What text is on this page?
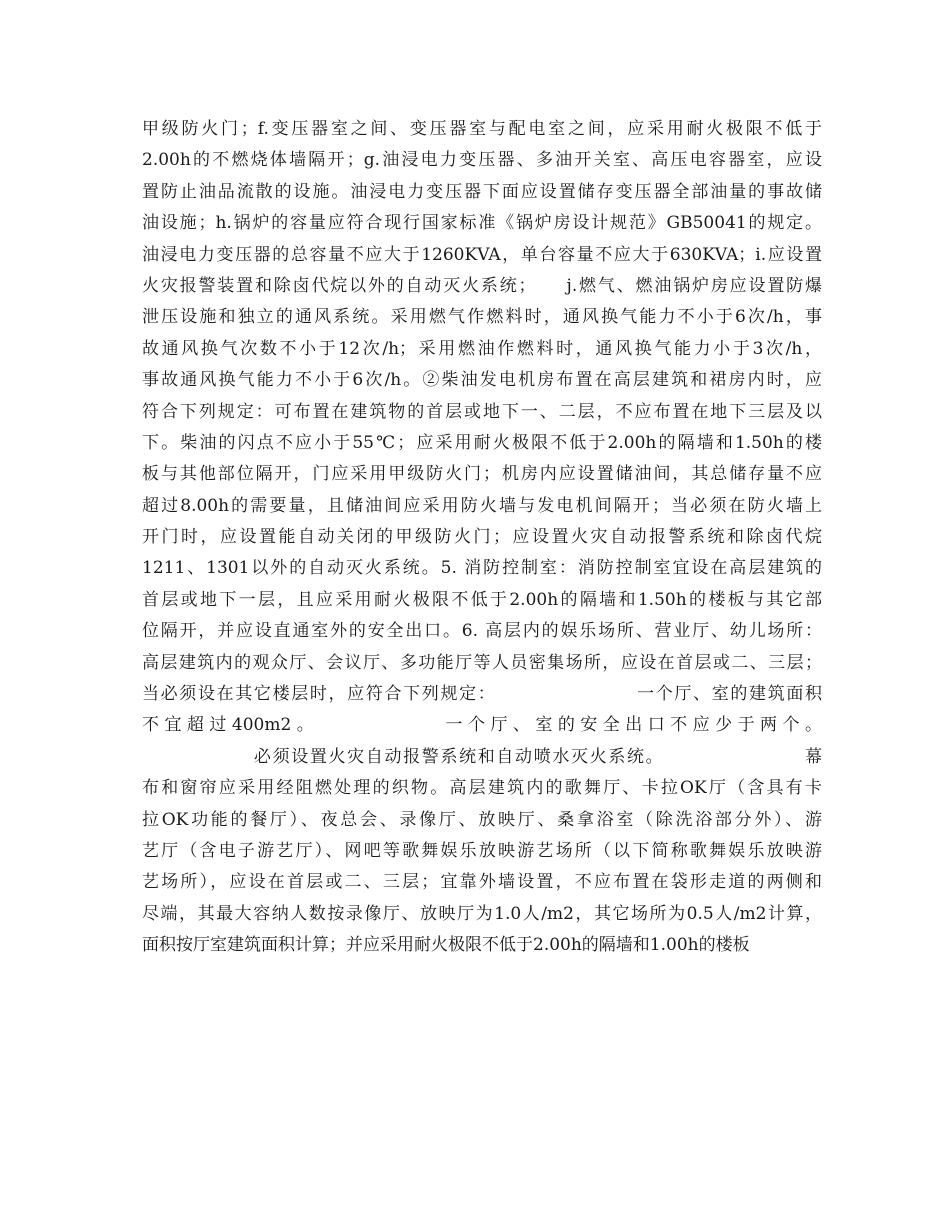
甲级防火门；f.变压器室之间、变压器室与配电室之间，应采用耐火极限不低于
2.00h的不燃烧体墙隔开；g.油浸电力变压器、多油开关室、高压电容器室，应设
置防止油品流散的设施。油浸电力变压器下面应设置储存变压器全部油量的事故储
油设施；h.锅炉的容量应符合现行国家标准《锅炉房设计规范》GB50041的规定。
油浸电力变压器的总容量不应大于1260KVA，单台容量不应大于630KVA；i.应设置
火灾报警装置和除卤代烷以外的自动灭火系统；　　j.燃气、燃油锅炉房应设置防爆
泄压设施和独立的通风系统。采用燃气作燃料时，通风换气能力不小于6次/h，事
故通风换气次数不小于12次/h；采用燃油作燃料时，通风换气能力小于3次/h，
事故通风换气能力不小于6次/h。②柴油发电机房布置在高层建筑和裙房内时，应
符合下列规定：可布置在建筑物的首层或地下一、二层，不应布置在地下三层及以
下。柴油的闪点不应小于55℃；应采用耐火极限不低于2.00h的隔墙和1.50h的楼
板与其他部位隔开，门应采用甲级防火门；机房内应设置储油间，其总储存量不应
超过8.00h的需要量，且储油间应采用防火墙与发电机间隔开；当必须在防火墙上
开门时，应设置能自动关闭的甲级防火门；应设置火灾自动报警系统和除卤代烷
1211、1301以外的自动灭火系统。5. 消防控制室：消防控制室宜设在高层建筑的
首层或地下一层，且应采用耐火极限不低于2.00h的隔墙和1.50h的楼板与其它部
位隔开，并应设直通室外的安全出口。6. 高层内的娱乐场所、营业厅、幼儿场所：
高层建筑内的观众厅、会议厅、多功能厅等人员密集场所，应设在首层或二、三层；
当必须设在其它楼层时，应符合下列规定：　　　　　　　　一个厅、室的建筑面积
不宜超过400m2。　　　　　　一个厅、室的安全出口不应少于两个。
　　　　　　必须设置火灾自动报警系统和自动喷水灭火系统。　　　　　　　　幕
布和窗帘应采用经阻燃处理的织物。高层建筑内的歌舞厅、卡拉OK厅（含具有卡
拉OK功能的餐厅）、夜总会、录像厅、放映厅、桑拿浴室（除洗浴部分外）、游
艺厅（含电子游艺厅）、网吧等歌舞娱乐放映游艺场所（以下简称歌舞娱乐放映游
艺场所），应设在首层或二、三层；宜靠外墙设置，不应布置在袋形走道的两侧和
尽端，其最大容纳人数按录像厅、放映厅为1.0人/m2，其它场所为0.5人/m2计算，
面积按厅室建筑面积计算；并应采用耐火极限不低于2.00h的隔墙和1.00h的楼板
